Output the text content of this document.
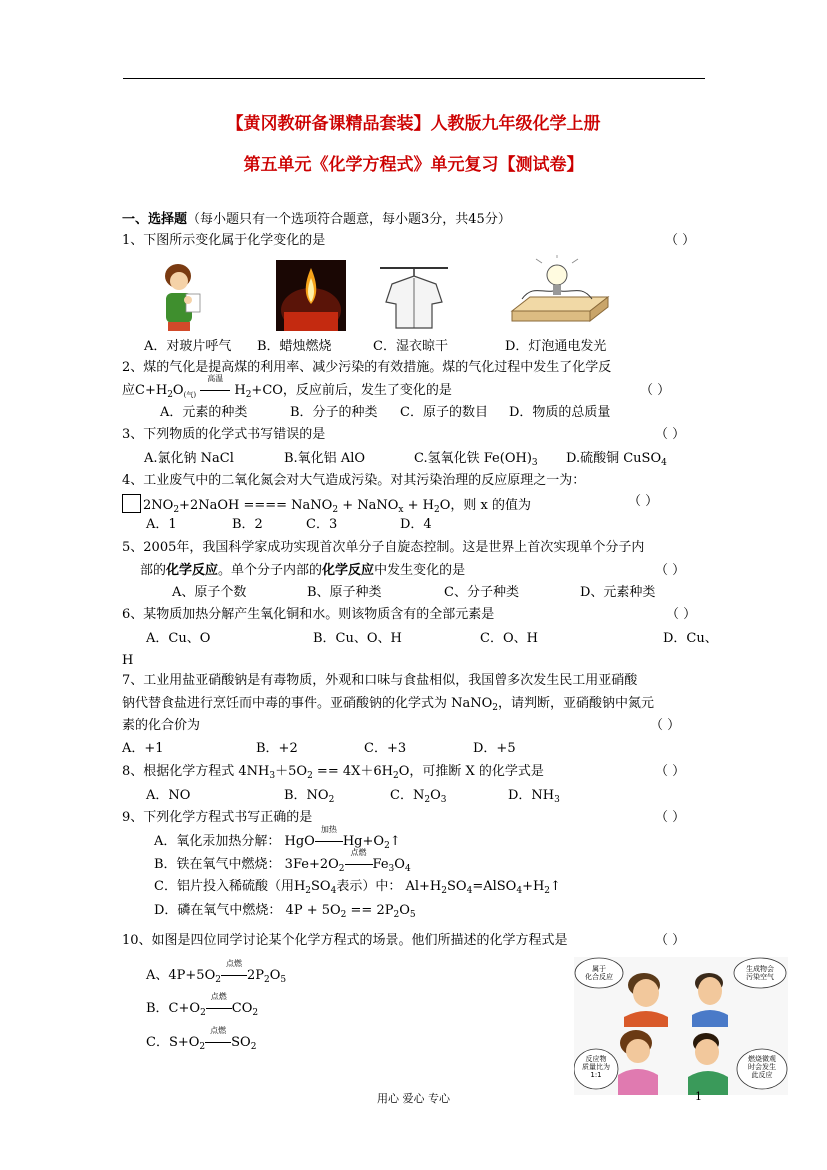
【黄冈教研备课精品套装】人教版九年级化学上册
第五单元《化学方程式》单元复习【测试卷】
一、选择题（每小题只有一个选项符合题意，每小题3分，共45分）
1、下图所示变化属于化学变化的是	（ ）
A．对玻片呼气 B．蜡烛燃烧	C．湿衣晾干	D．灯泡通电发光
2、煤的气化是提高煤的利用率、减少污染的有效措施。煤的气化过程中发生了化学反
应$C+H_2O_{(气)}$
高温
$H_2+CO$，反应前后，发生了变化的是	（ ）
A．元素的种类	B．分子的种类 C．原子的数目 D．物质的总质量
3、下列物质的化学式书写错误的是	（ ）
A.氯化钠 NaCl	B.氧化铝 AlO	C.氢氧化铁 $Fe(OH)_3$ D.硫酸铜 CuSO$_4$
4、工业废气中的二氧化氮会对大气造成污染。对其污染治理的反应原理之一为：
$2NO_2+2NaOH$ ==== NaNO$_2$ + NaNO$_x$ + $H_2O$，则 x 的值为	（ ）
A．1	B．2	C．3	D．4
5、2005年，我国科学家成功实现首次单分子自旋态控制。这是世界上首次实现单个分子内
部的化学反应。单个分子内部的化学反应中发生变化的是	（ ）
A、原子个数	B、原子种类	C、分子种类	D、元素种类
6、某物质加热分解产生氧化铜和水。则该物质含有的全部元素是	（ ）
A．Cu、O	B．Cu、O、H	C．O、H	D．Cu、
H
7、工业用盐亚硝酸钠是有毒物质，外观和口味与食盐相似，我国曾多次发生民工用亚硝酸
钠代替食盐进行烹饪而中毒的事件。亚硝酸钠的化学式为 NaNO$_2$，请判断，亚硝酸钠中氮元
素的化合价为	（ ）
A．+1	B．+2	C．+3	D．+5
8、根据化学方程式 $4NH_3+5O_2 == 4X+6H_2O$，可推断 X 的化学式是	（ ）
A．NO	B．$NO_2$	C．$N_2O_3$	D．$NH_3$
9、下列化学方程式书写正确的是	（ ）
A．氧化汞加热分解： HgO
加热
$Hg+O_2↑$
B．铁在氧气中燃烧： $3Fe+2O_2$
点燃
$Fe_3O_4$
C．铝片投入稀硫酸（用$H_2SO_4$表示）中： $Al+H_2SO_4=AlSO_4+H_2↑$
D．磷在氧气中燃烧： $4P + 5O_2 == 2P_2O_5$
10、如图是四位同学讨论某个化学方程式的场景。他们所描述的化学方程式是	（ ）
A、$4P+5O_2$
点燃
$2P_2O_5$
B．$C+O_2$
点燃
$CO_2$
C．$S+O_2$
点燃
$SO_2$
属于化合反应
生成物会污染空气
反应物质量比为 1:1
燃烧微观时会发生此反应
用心 爱心 专心	1
